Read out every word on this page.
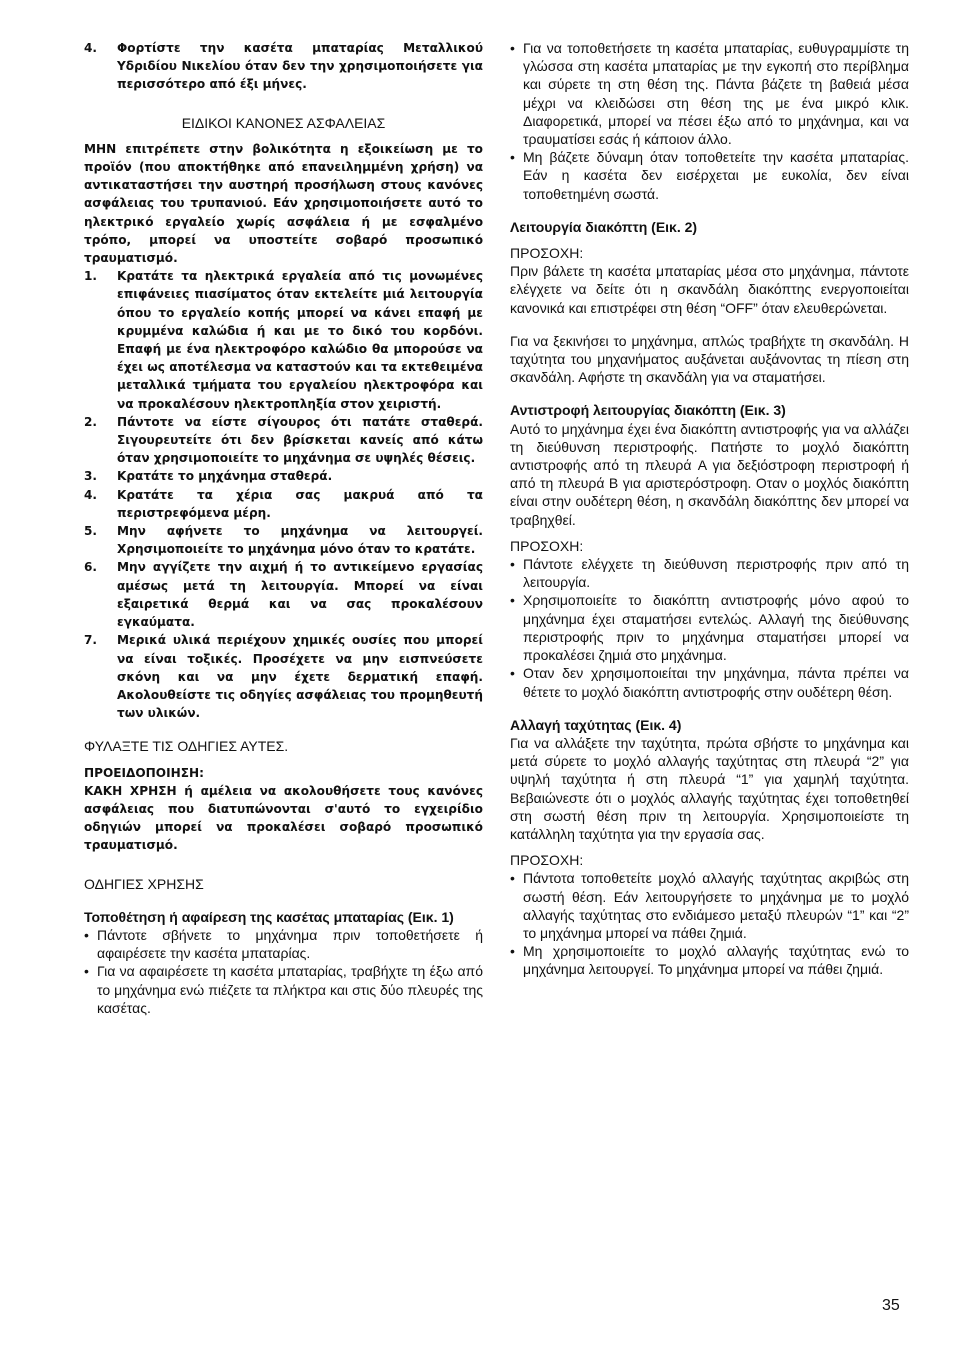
4.	Φορτίστε την κασέτα μπαταρίας Μεταλλικού Υδριδίου Νικελίου όταν δεν την χρησιμοποιήσετε για περισσότερο από έξι μήνες.

ΕΙΔΙΚΟΙ ΚΑΝΟΝΕΣ ΑΣΦΑΛΕΙΑΣ

ΜΗΝ επιτρέπετε στην βολικότητα η εξοικείωση με το προϊόν (που αποκτήθηκε από επανειλημμένη χρήση) να αντικαταστήσει την αυστηρή προσήλωση στους κανόνες ασφάλειας του τρυπανιού. Εάν χρησιμοποιήσετε αυτό το ηλεκτρικό εργαλείο χωρίς ασφάλεια ή με εσφαλμένο τρόπο, μπορεί να υποστείτε σοβαρό προσωπικό τραυματισμό.

1.	Κρατάτε τα ηλεκτρικά εργαλεία από τις μονωμένες επιφάνειες πιασίματος όταν εκτελείτε μιά λειτουργία όπου το εργαλείο κοπής μπορεί να κάνει επαφή με κρυμμένα καλώδια ή και με το δικό του κορδόνι. Επαφή με ένα ηλεκτροφόρο καλώδιο θα μπορούσε να έχει ως αποτέλεσμα να καταστούν και τα εκτεθειμένα μεταλλικά τμήματα του εργαλείου ηλεκτροφόρα και να προκαλέσουν ηλεκτροπληξία στον χειριστή.
2.	Πάντοτε να είστε σίγουρος ότι πατάτε σταθερά. Σιγουρευτείτε ότι δεν βρίσκεται κανείς από κάτω όταν χρησιμοποιείτε το μηχάνημα σε υψηλές θέσεις.
3.	Κρατάτε το μηχάνημα σταθερά.
4.	Κρατάτε τα χέρια σας μακρυά από τα περιστρεφόμενα μέρη.
5.	Μην αφήνετε το μηχάνημα να λειτουργεί. Χρησιμοποιείτε το μηχάνημα μόνο όταν το κρατάτε.
6.	Μην αγγίζετε την αιχμή ή το αντικείμενο εργασίας αμέσως μετά τη λειτουργία. Μπορεί να είναι εξαιρετικά θερμά και να σας προκαλέσουν εγκαύματα.
7.	Μερικά υλικά περιέχουν χημικές ουσίες που μπορεί να είναι τοξικές. Προσέχετε να μην εισπνεύσετε σκόνη και να μην έχετε δερματική επαφή. Ακολουθείστε τις οδηγίες ασφάλειας του προμηθευτή των υλικών.

ΦΥΛΑΞΤΕ ΤΙΣ ΟΔΗΓΙΕΣ ΑΥΤΕΣ.

ΠΡΟΕΙΔΟΠΟΙΗΣΗ:

ΚΑΚΗ ΧΡΗΣΗ ή αμέλεια να ακολουθήσετε τους κανόνες ασφάλειας που διατυπώνονται σ'αυτό το εγχειρίδιο οδηγιών μπορεί να προκαλέσει σοβαρό προσωπικό τραυματισμό.

ΟΔΗΓΙΕΣ ΧΡΗΣΗΣ

Τοποθέτηση ή αφαίρεση της κασέτας μπαταρίας (Εικ. 1)

• Πάντοτε σβήνετε το μηχάνημα πριν τοποθετήσετε ή αφαιρέσετε την κασέτα μπαταρίας.
• Για να αφαιρέσετε τη κασέτα μπαταρίας, τραβήχτε τη έξω από το μηχάνημα ενώ πιέζετε τα πλήκτρα και στις δύο πλευρές της κασέτας.
• Για να τοποθετήσετε τη κασέτα μπαταρίας, ευθυγραμμίστε τη γλώσσα στη κασέτα μπαταρίας με την εγκοπή στο περίβλημα και σύρετε τη στη θέση της. Πάντα βάζετε τη βαθειά μέσα μέχρι να κλειδώσει στη θέση της με ένα μικρό κλικ. Διαφορετικά, μπορεί να πέσει έξω από το μηχάνημα, και να τραυματίσει εσάς ή κάποιον άλλο.
• Μη βάζετε δύναμη όταν τοποθετείτε την κασέτα μπαταρίας. Εάν η κασέτα δεν εισέρχεται με ευκολία, δεν είναι τοποθετημένη σωστά.

Λειτουργία διακόπτη (Εικ. 2)

ΠΡΟΣΟΧΗ:

Πριν βάλετε τη κασέτα μπαταρίας μέσα στο μηχάνημα, πάντοτε ελέγχετε να δείτε ότι η σκανδάλη διακόπτης ενεργοποιείται κανονικά και επιστρέφει στη θέση “OFF” όταν ελευθερώνεται.

Για να ξεκινήσει το μηχάνημα, απλώς τραβήχτε τη σκανδάλη. Η ταχύτητα του μηχανήματος αυξάνεται αυξάνοντας τη πίεση στη σκανδάλη. Αφήστε τη σκανδάλη για να σταματήσει.

Αντιστροφή λειτουργίας διακόπτη (Εικ. 3)

Αυτό το μηχάνημα έχει ένα διακόπτη αντιστροφής για να αλλάζει τη διεύθυνση περιστροφής. Πατήστε το μοχλό διακόπτη αντιστροφής από τη πλευρά A για δεξιόστροφη περιστροφή ή από τη πλευρά B για αριστερόστροφη. Οταν ο μοχλός διακόπτη είναι στην ουδέτερη θέση, η σκανδάλη διακόπτης δεν μπορεί να τραβηχθεί.

ΠΡΟΣΟΧΗ:

• Πάντοτε ελέγχετε τη διεύθυνση περιστροφής πριν από τη λειτουργία.
• Χρησιμοποιείτε το διακόπτη αντιστροφής μόνο αφού το μηχάνημα έχει σταματήσει εντελώς. Αλλαγή της διεύθυνσης περιστροφής πριν το μηχάνημα σταματήσει μπορεί να προκαλέσει ζημιά στο μηχάνημα.
• Οταν δεν χρησιμοποιείται την μηχάνημα, πάντα πρέπει να θέτετε το μοχλό διακόπτη αντιστροφής στην ουδέτερη θέση.

Αλλαγή ταχύτητας (Εικ. 4)

Για να αλλάξετε την ταχύτητα, πρώτα σβήστε το μηχάνημα και μετά σύρετε το μοχλό αλλαγής ταχύτητας στη πλευρά “2” για υψηλή ταχύτητα ή στη πλευρά “1” για χαμηλή ταχύτητα. Βεβαιώνεστε ότι ο μοχλός αλλαγής ταχύτητας έχει τοποθετηθεί στη σωστή θέση πριν τη λειτουργία. Χρησιμοποιείστε τη κατάλληλη ταχύτητα για την εργασία σας.

ΠΡΟΣΟΧΗ:

• Πάντοτα τοποθετείτε μοχλό αλλαγής ταχύτητας ακριβώς στη σωστή θέση. Εάν λειτουργήσετε το μηχάνημα με το μοχλό αλλαγής ταχύτητας στο ενδιάμεσο μεταξύ πλευρών “1” και “2” το μηχάνημα μπορεί να πάθει ζημιά.
• Μη χρησιμοποιείτε το μοχλό αλλαγής ταχύτητας ενώ το μηχάνημα λειτουργεί. Το μηχάνημα μπορεί να πάθει ζημιά.
35
